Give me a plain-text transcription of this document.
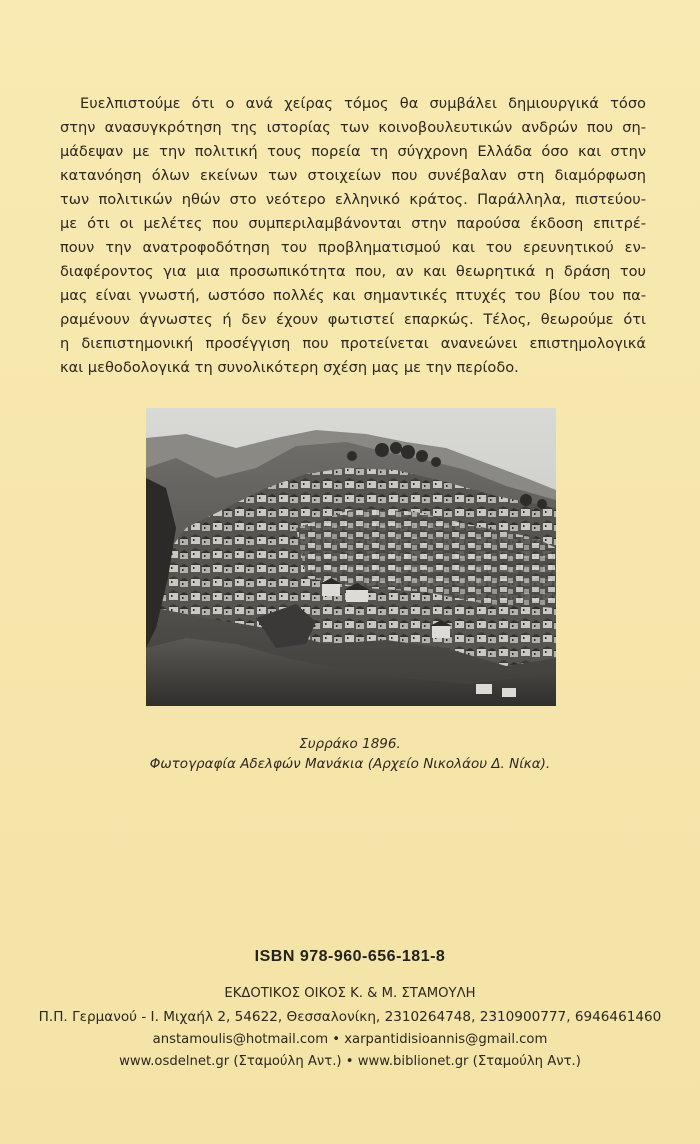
Ευελπιστούμε ότι ο ανά χείρας τόμος θα συμβάλει δημιουργικά τόσο
στην ανασυγκρότηση της ιστορίας των κοινοβουλευτικών ανδρών που ση-
μάδεψαν με την πολιτική τους πορεία τη σύγχρονη Ελλάδα όσο και στην
κατανόηση όλων εκείνων των στοιχείων που συνέβαλαν στη διαμόρφωση
των πολιτικών ηθών στο νεότερο ελληνικό κράτος. Παράλληλα, πιστεύου-
με ότι οι μελέτες που συμπεριλαμβάνονται στην παρούσα έκδοση επιτρέ-
πουν την ανατροφοδότηση του προβληματισμού και του ερευνητικού εν-
διαφέροντος για μια προσωπικότητα που, αν και θεωρητικά η δράση του
μας είναι γνωστή, ωστόσο πολλές και σημαντικές πτυχές του βίου του πα-
ραμένουν άγνωστες ή δεν έχουν φωτιστεί επαρκώς. Τέλος, θεωρούμε ότι
η διεπιστημονική προσέγγιση που προτείνεται ανανεώνει επιστημολογικά
και μεθοδολογικά τη συνολικότερη σχέση μας με την περίοδο.
Συρράκο 1896.
Φωτογραφία Αδελφών Μανάκια (Αρχείο Νικολάου Δ. Νίκα).
ISBN 978-960-656-181-8
ΕΚΔΟΤΙΚΟΣ ΟΙΚΟΣ Κ. & Μ. ΣΤΑΜΟΥΛΗ
Π.Π. Γερμανού - Ι. Μιχαήλ 2, 54622, Θεσσαλονίκη, 2310264748, 2310900777, 6946461460
anstamoulis@hotmail.com • xarpantidisioannis@gmail.com
www.osdelnet.gr (Σταμούλη Αντ.) • www.biblionet.gr (Σταμούλη Αντ.)
